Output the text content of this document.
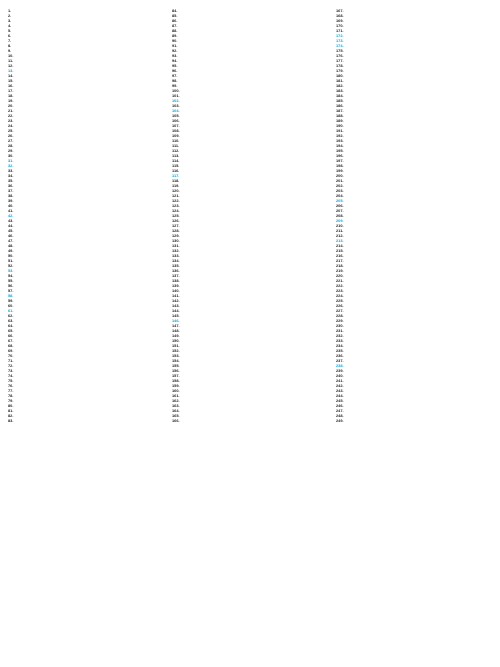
1.
2.
3.
4.
5.
6.
7.
8.
9.
10.
11.
12.
13.
14.
15.
16.
17.
18.
19.
20.
21.
22.
23.
24.
25.
26.
27.
28.
29.
30.
31.
32.
33.
34.
35.
36.
37.
38.
39.
40.
41.
42.
43.
44.
45.
46.
47.
48.
49.
50.
51.
52.
53.
54.
55.
56.
57.
58.
59.
60.
61.
62.
63.
64.
65.
66.
67.
68.
69.
70.
71.
72.
73.
74.
75.
76.
77.
78.
79.
80.
81.
82.
83.
84.
85.
86.
87.
88.
89.
90.
91.
92.
93.
94.
95.
96.
97.
98.
99.
100.
101.
102.
103.
104.
105.
106.
107.
108.
109.
110.
111.
112.
113.
114.
115.
116.
117.
118.
119.
120.
121.
122.
123.
124.
125.
126.
127.
128.
129.
130.
131.
132.
133.
134.
135.
136.
137.
138.
139.
140.
141.
142.
143.
144.
145.
146.
147.
148.
149.
150.
151.
152.
153.
154.
155.
156.
157.
158.
159.
160.
161.
162.
163.
164.
165.
166.
167.
168.
169.
170.
171.
172.
173.
174.
175.
176.
177.
178.
179.
180.
181.
182.
183.
184.
185.
186.
187.
188.
189.
190.
191.
192.
193.
194.
195.
196.
197.
198.
199.
200.
201.
202.
203.
204.
205.
206.
207.
208.
209.
210.
211.
212.
213.
214.
215.
216.
217.
218.
219.
220.
221.
222.
223.
224.
225.
226.
227.
228.
229.
230.
231.
232.
233.
234.
235.
236.
237.
238.
239.
240.
241.
242.
243.
244.
245.
246.
247.
248.
249.
